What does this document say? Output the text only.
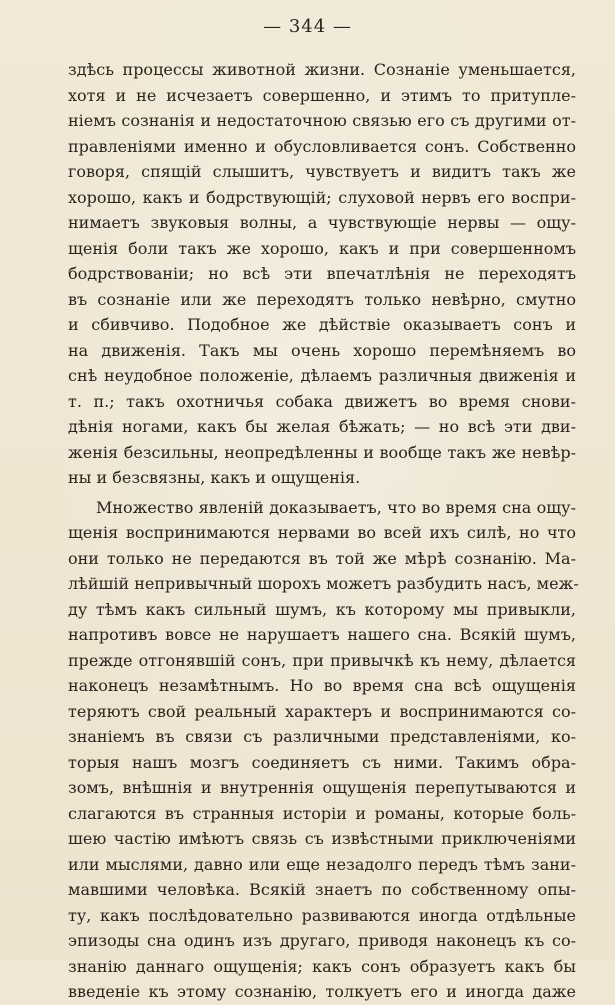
— 344 —
здѣсь процессы животной жизни. Сознаніе уменьшается,
хотя и не исчезаетъ совершенно, и этимъ то притупле-
ніемъ сознанія и недостаточною связью его съ другими от-
правленіями именно и обусловливается сонъ. Собственно
говоря, спящій слышитъ, чувствуетъ и видитъ такъ же
хорошо, какъ и бодрствующій; слуховой нервъ его воспри-
нимаетъ звуковыя волны, а чувствующіе нервы — ощу-
щенія боли такъ же хорошо, какъ и при совершенномъ
бодрствованіи; но всѣ эти впечатлѣнія не переходятъ
въ сознаніе или же переходятъ только невѣрно, смутно
и сбивчиво. Подобное же дѣйствіе оказываетъ сонъ и
на движенія. Такъ мы очень хорошо перемѣняемъ во
снѣ неудобное положеніе, дѣлаемъ различныя движенія и
т. п.; такъ охотничья собака движетъ во время снови-
дѣнія ногами, какъ бы желая бѣжать; — но всѣ эти дви-
женія безсильны, неопредѣленны и вообще такъ же невѣр-
ны и безсвязны, какъ и ощущенія.
Множество явленій доказываетъ, что во время сна ощу-
щенія воспринимаются нервами во всей ихъ силѣ, но что
они только не передаются въ той же мѣрѣ сознанію. Ма-
лѣйшій непривычный шорохъ можетъ разбудить насъ, меж-
ду тѣмъ какъ сильный шумъ, къ которому мы привыкли,
напротивъ вовсе не нарушаетъ нашего сна. Всякій шумъ,
прежде отгонявшій сонъ, при привычкѣ къ нему, дѣлается
наконецъ незамѣтнымъ. Но во время сна всѣ ощущенія
теряютъ свой реальный характеръ и воспринимаются со-
знаніемъ въ связи съ различными представленіями, ко-
торыя нашъ мозгъ соединяетъ съ ними. Такимъ обра-
зомъ, внѣшнія и внутреннія ощущенія перепутываются и
слагаются въ странныя исторіи и романы, которые боль-
шею частію имѣютъ связь съ извѣстными приключеніями
или мыслями, давно или еще незадолго передъ тѣмъ зани-
мавшими человѣка. Всякій знаетъ по собственному опы-
ту, какъ послѣдовательно развиваются иногда отдѣльные
эпизоды сна одинъ изъ другаго, приводя наконецъ къ со-
знанію даннаго ощущенія; какъ сонъ образуетъ какъ бы
введеніе къ этому сознанію, толкуетъ его и иногда даже
